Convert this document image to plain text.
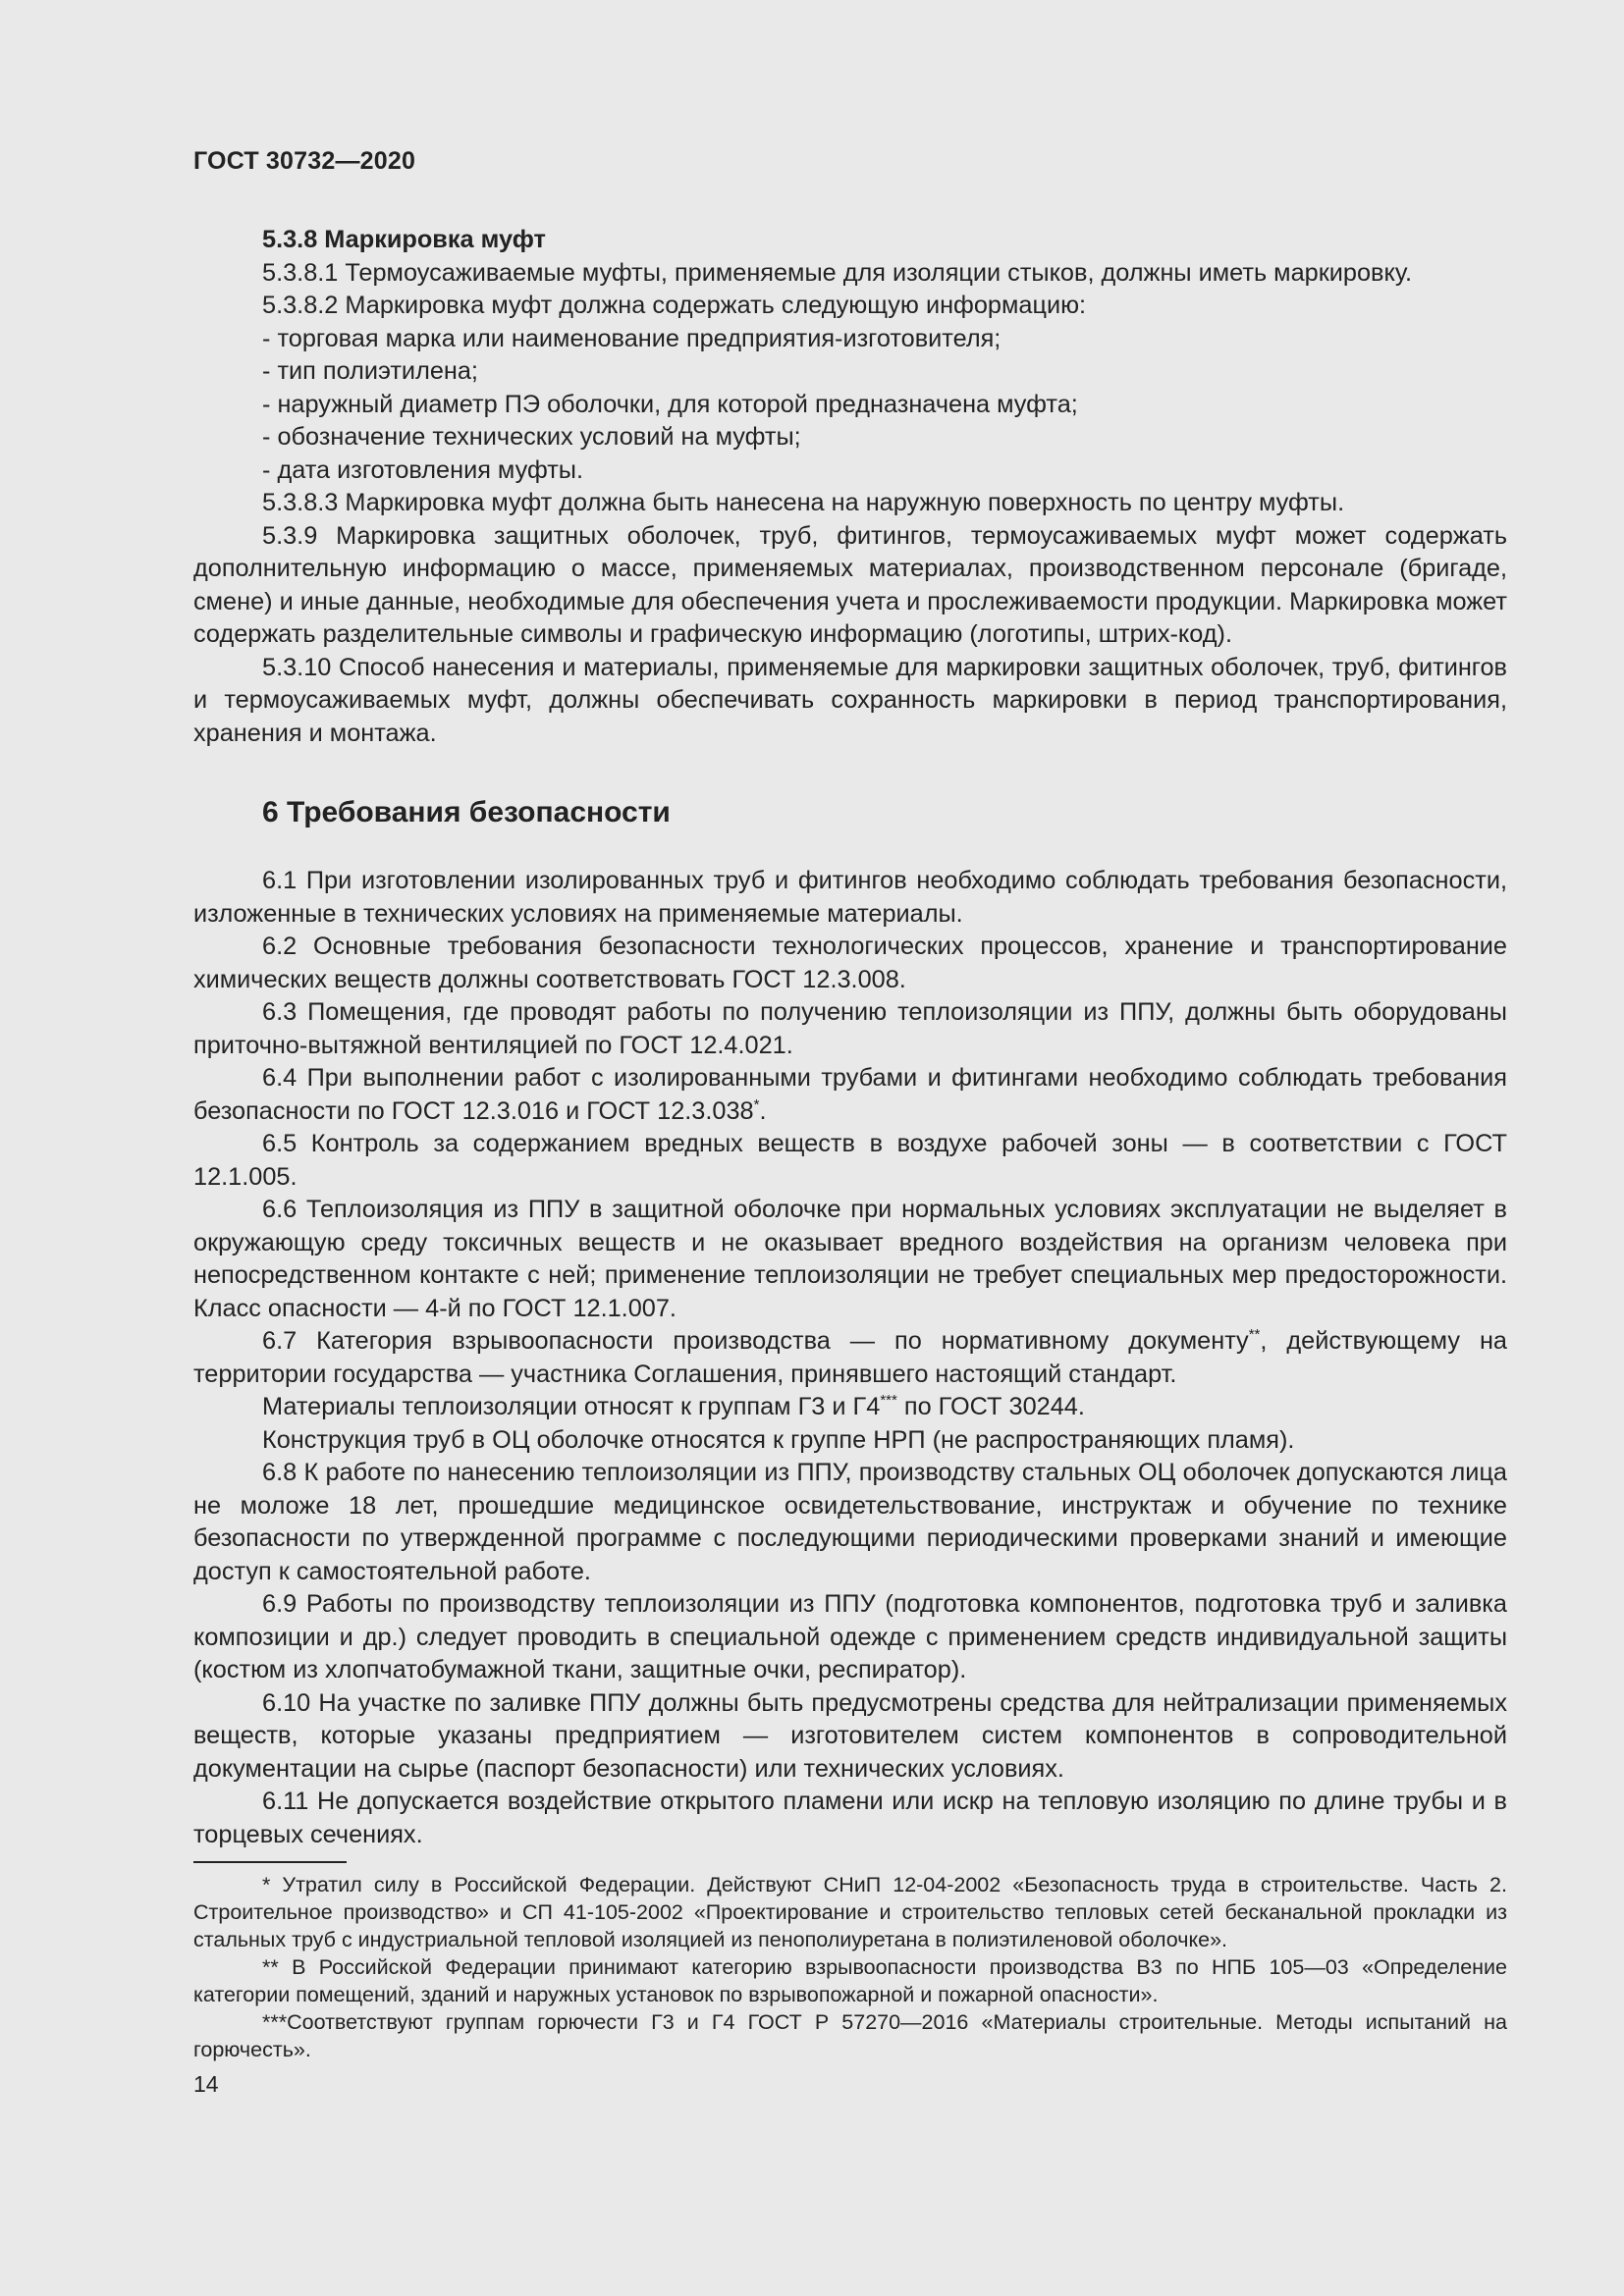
ГОСТ 30732—2020

5.3.8 Маркировка муфт

5.3.8.1 Термоусаживаемые муфты, применяемые для изоляции стыков, должны иметь маркировку.

5.3.8.2 Маркировка муфт должна содержать следующую информацию:

- торговая марка или наименование предприятия-изготовителя;

- тип полиэтилена;

- наружный диаметр ПЭ оболочки, для которой предназначена муфта;

- обозначение технических условий на муфты;

- дата изготовления муфты.

5.3.8.3 Маркировка муфт должна быть нанесена на наружную поверхность по центру муфты.

5.3.9 Маркировка защитных оболочек, труб, фитингов, термоусаживаемых муфт может содержать дополнительную информацию о массе, применяемых материалах, производственном персонале (бригаде, смене) и иные данные, необходимые для обеспечения учета и прослеживаемости продукции. Маркировка может содержать разделительные символы и графическую информацию (логотипы, штрих-код).

5.3.10 Способ нанесения и материалы, применяемые для маркировки защитных оболочек, труб, фитингов и термоусаживаемых муфт, должны обеспечивать сохранность маркировки в период транспортирования, хранения и монтажа.

6 Требования безопасности

6.1 При изготовлении изолированных труб и фитингов необходимо соблюдать требования безопасности, изложенные в технических условиях на применяемые материалы.

6.2 Основные требования безопасности технологических процессов, хранение и транспортирование химических веществ должны соответствовать ГОСТ 12.3.008.

6.3 Помещения, где проводят работы по получению теплоизоляции из ППУ, должны быть оборудованы приточно-вытяжной вентиляцией по ГОСТ 12.4.021.

6.4 При выполнении работ с изолированными трубами и фитингами необходимо соблюдать требования безопасности по ГОСТ 12.3.016 и ГОСТ 12.3.038*.

6.5 Контроль за содержанием вредных веществ в воздухе рабочей зоны — в соответствии с ГОСТ 12.1.005.

6.6 Теплоизоляция из ППУ в защитной оболочке при нормальных условиях эксплуатации не выделяет в окружающую среду токсичных веществ и не оказывает вредного воздействия на организм человека при непосредственном контакте с ней; применение теплоизоляции не требует специальных мер предосторожности. Класс опасности — 4-й по ГОСТ 12.1.007.

6.7 Категория взрывоопасности производства — по нормативному документу**, действующему на территории государства — участника Соглашения, принявшего настоящий стандарт.

Материалы теплоизоляции относят к группам Г3 и Г4*** по ГОСТ 30244.

Конструкция труб в ОЦ оболочке относятся к группе НРП (не распространяющих пламя).

6.8 К работе по нанесению теплоизоляции из ППУ, производству стальных ОЦ оболочек допускаются лица не моложе 18 лет, прошедшие медицинское освидетельствование, инструктаж и обучение по технике безопасности по утвержденной программе с последующими периодическими проверками знаний и имеющие доступ к самостоятельной работе.

6.9 Работы по производству теплоизоляции из ППУ (подготовка компонентов, подготовка труб и заливка композиции и др.) следует проводить в специальной одежде с применением средств индивидуальной защиты (костюм из хлопчатобумажной ткани, защитные очки, респиратор).

6.10 На участке по заливке ППУ должны быть предусмотрены средства для нейтрализации применяемых веществ, которые указаны предприятием — изготовителем систем компонентов в сопроводительной документации на сырье (паспорт безопасности) или технических условиях.

6.11 Не допускается воздействие открытого пламени или искр на тепловую изоляцию по длине трубы и в торцевых сечениях.

* Утратил силу в Российской Федерации. Действуют СНиП 12-04-2002 «Безопасность труда в строительстве. Часть 2. Строительное производство» и СП 41-105-2002 «Проектирование и строительство тепловых сетей бесканальной прокладки из стальных труб с индустриальной тепловой изоляцией из пенополиуретана в полиэтиленовой оболочке».

** В Российской Федерации принимают категорию взрывоопасности производства В3 по НПБ 105—03 «Определение категории помещений, зданий и наружных установок по взрывопожарной и пожарной опасности».

***Соответствуют группам горючести Г3 и Г4 ГОСТ Р 57270—2016 «Материалы строительные. Методы испытаний на горючесть».

14
